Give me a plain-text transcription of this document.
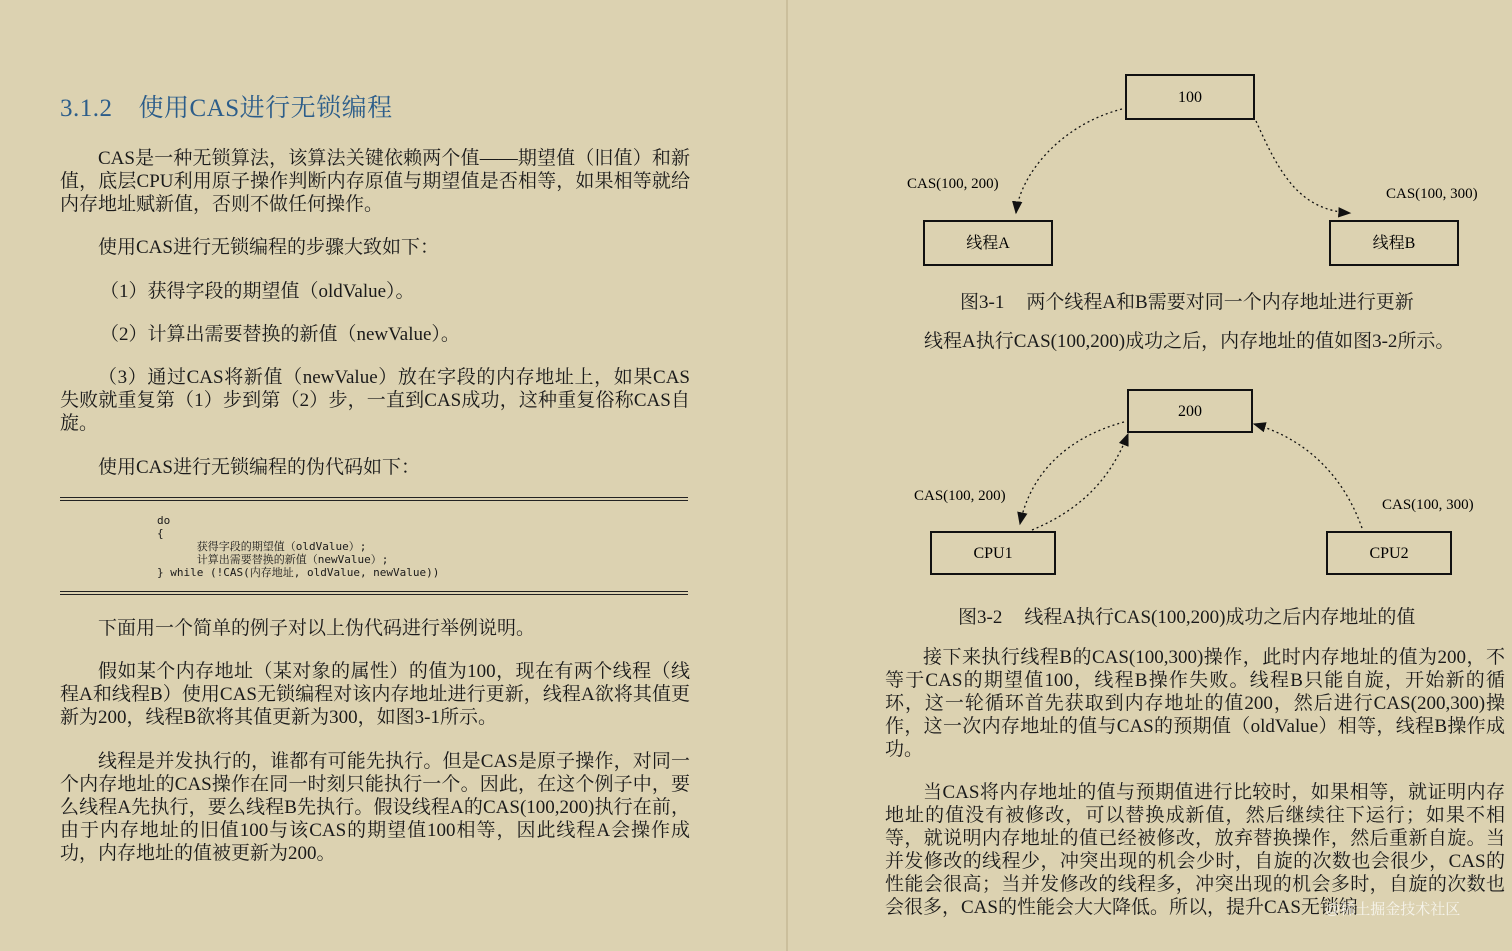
3.1.2 使用CAS进行无锁编程

CAS是一种无锁算法，该算法关键依赖两个值——期望值（旧值）和新值，底层CPU利用原子操作判断内存原值与期望值是否相等，如果相等就给内存地址赋新值，否则不做任何操作。

使用CAS进行无锁编程的步骤大致如下：

（1）获得字段的期望值（oldValue）。

（2）计算出需要替换的新值（newValue）。

（3）通过CAS将新值（newValue）放在字段的内存地址上，如果CAS失败就重复第（1）步到第（2）步，一直到CAS成功，这种重复俗称CAS自旋。

使用CAS进行无锁编程的伪代码如下：

do
{
获得字段的期望值（oldValue）;
计算出需要替换的新值（newValue）;
} while (!CAS(内存地址, oldValue, newValue))

下面用一个简单的例子对以上伪代码进行举例说明。

假如某个内存地址（某对象的属性）的值为100，现在有两个线程（线程A和线程B）使用CAS无锁编程对该内存地址进行更新，线程A欲将其值更新为200，线程B欲将其值更新为300，如图3-1所示。

线程是并发执行的，谁都有可能先执行。但是CAS是原子操作，对同一个内存地址的CAS操作在同一时刻只能执行一个。因此，在这个例子中，要么线程A先执行，要么线程B先执行。假设线程A的CAS(100,200)执行在前，由于内存地址的旧值100与该CAS的期望值100相等，因此线程A会操作成功，内存地址的值被更新为200。

100
线程A	线程B
CAS(100, 200)
CAS(100, 300)
图3-1 两个线程A和B需要对同一个内存地址进行更新

线程A执行CAS(100,200)成功之后，内存地址的值如图3-2所示。

200
CPU1	CPU2
CAS(100, 200)
CAS(100, 300)
图3-2 线程A执行CAS(100,200)成功之后内存地址的值

接下来执行线程B的CAS(100,300)操作，此时内存地址的值为200，不等于CAS的期望值100，线程B操作失败。线程B只能自旋，开始新的循环，这一轮循环首先获取到内存地址的值200，然后进行CAS(200,300)操作，这一次内存地址的值与CAS的预期值（oldValue）相等，线程B操作成功。

当CAS将内存地址的值与预期值进行比较时，如果相等，就证明内存地址的值没有被修改，可以替换成新值，然后继续往下运行；如果不相等，就说明内存地址的值已经被修改，放弃替换操作，然后重新自旋。当并发修改的线程少，冲突出现的机会少时，自旋的次数也会很少，CAS的性能会很高；当并发修改的线程多，冲突出现的机会多时，自旋的次数也会很多，CAS的性能会大大降低。所以，提升CAS无锁编

@稀土掘金技术社区
